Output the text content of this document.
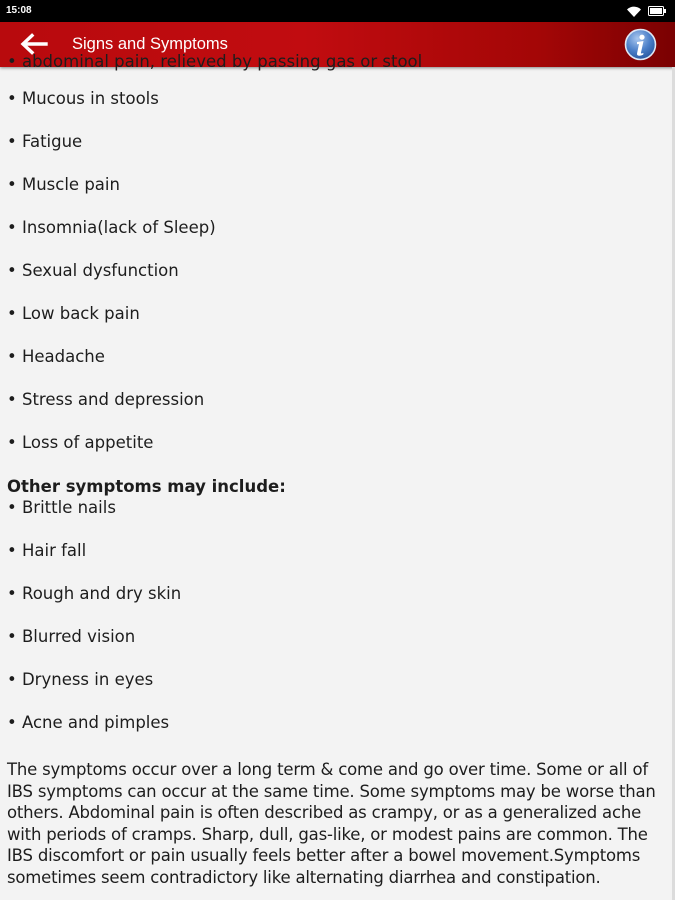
15:08
Signs and Symptoms
• abdominal pain, relieved by passing gas or stool
• Mucous in stools
• Fatigue
• Muscle pain
• Insomnia(lack of Sleep)
• Sexual dysfunction
• Low back pain
• Headache
• Stress and depression
• Loss of appetite
Other symptoms may include:
• Brittle nails
• Hair fall
• Rough and dry skin
• Blurred vision
• Dryness in eyes
• Acne and pimples
The symptoms occur over a long term & come and go over time. Some or all of IBS symptoms can occur at the same time. Some symptoms may be worse than others. Abdominal pain is often described as crampy, or as a generalized ache with periods of cramps. Sharp, dull, gas-like, or modest pains are common. The IBS discomfort or pain usually feels better after a bowel movement.Symptoms sometimes seem contradictory like alternating diarrhea and constipation.
